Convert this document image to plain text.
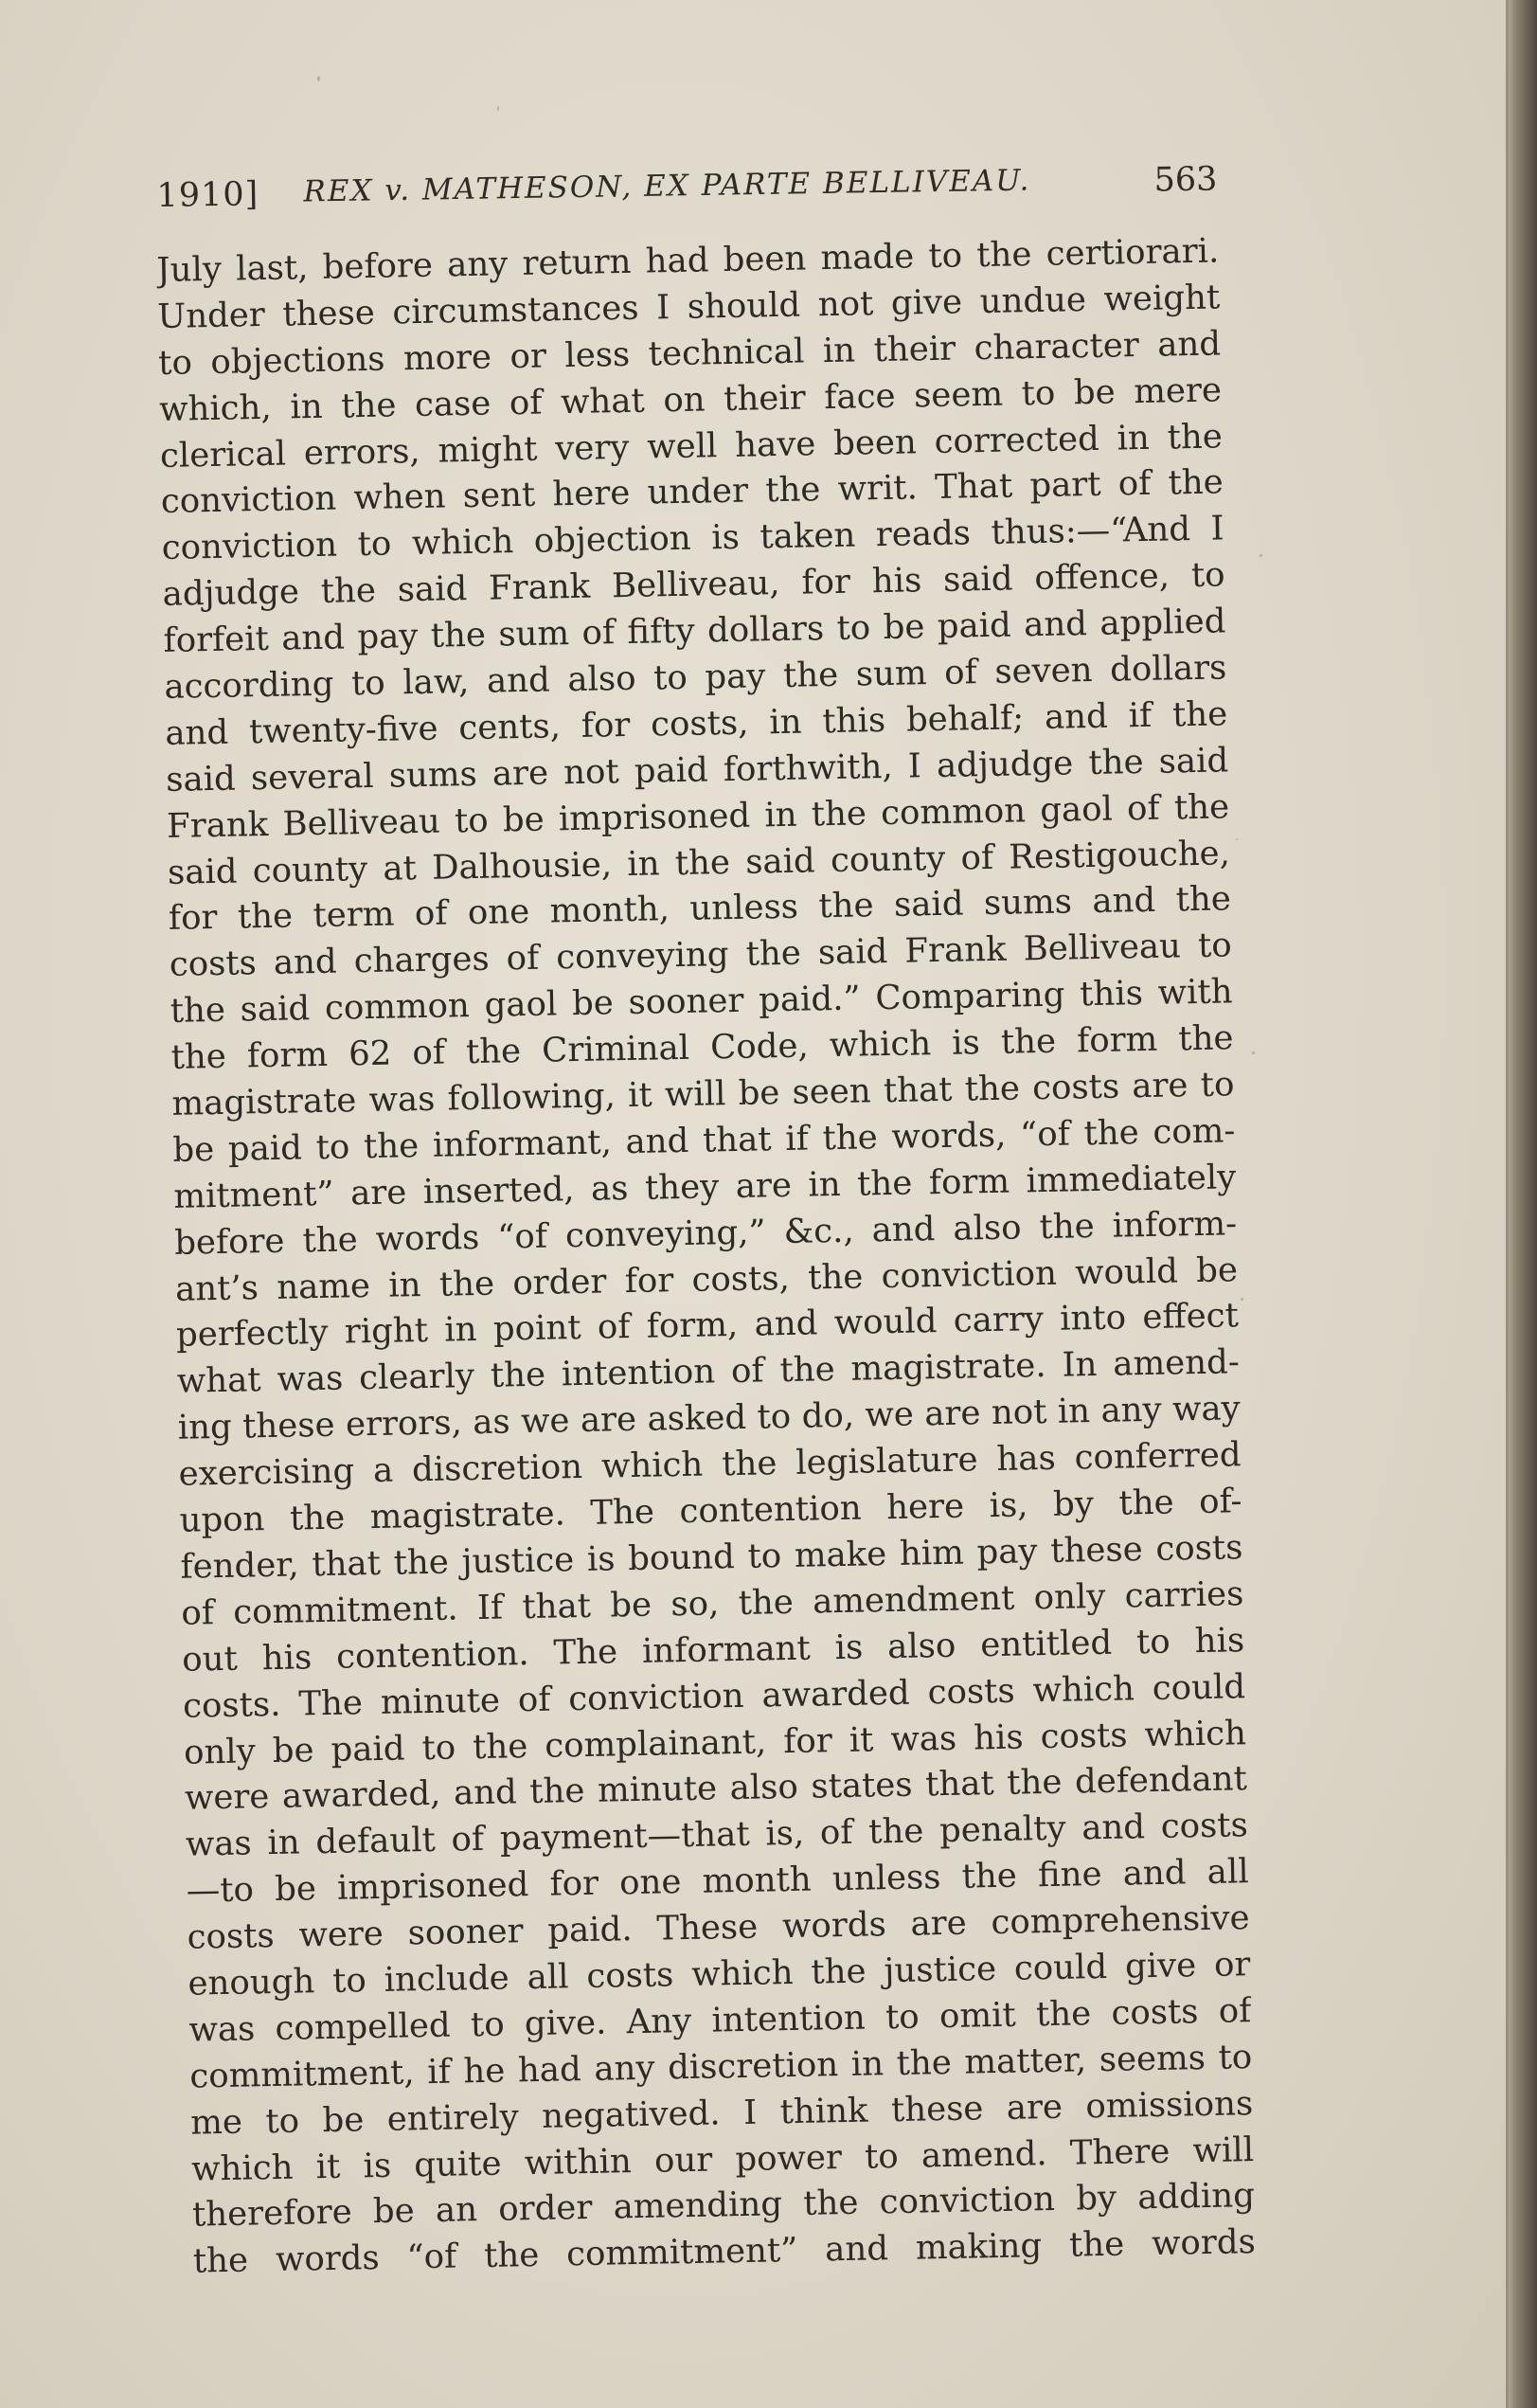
1910] REX v. MATHESON, EX PARTE BELLIVEAU.	563
July last, before any return had been made to the certiorari.
Under these circumstances I should not give undue weight
to objections more or less technical in their character and
which, in the case of what on their face seem to be mere
clerical errors, might very well have been corrected in the
conviction when sent here under the writ. That part of the
conviction to which objection is taken reads thus:—“And I
adjudge the said Frank Belliveau, for his said offence, to
forfeit and pay the sum of fifty dollars to be paid and applied
according to law, and also to pay the sum of seven dollars
and twenty-five cents, for costs, in this behalf; and if the
said several sums are not paid forthwith, I adjudge the said
Frank Belliveau to be imprisoned in the common gaol of the
said county at Dalhousie, in the said county of Restigouche,
for the term of one month, unless the said sums and the
costs and charges of conveying the said Frank Belliveau to
the said common gaol be sooner paid.” Comparing this with
the form 62 of the Criminal Code, which is the form the
magistrate was following, it will be seen that the costs are to
be paid to the informant, and that if the words, “of the com-
mitment” are inserted, as they are in the form immediately
before the words “of conveying,” &c., and also the inform-
ant’s name in the order for costs, the conviction would be
perfectly right in point of form, and would carry into effect
what was clearly the intention of the magistrate. In amend-
ing these errors, as we are asked to do, we are not in any way
exercising a discretion which the legislature has conferred
upon the magistrate. The contention here is, by the of-
fender, that the justice is bound to make him pay these costs
of commitment. If that be so, the amendment only carries
out his contention. The informant is also entitled to his
costs. The minute of conviction awarded costs which could
only be paid to the complainant, for it was his costs which
were awarded, and the minute also states that the defendant
was in default of payment—that is, of the penalty and costs
—to be imprisoned for one month unless the fine and all
costs were sooner paid. These words are comprehensive
enough to include all costs which the justice could give or
was compelled to give. Any intention to omit the costs of
commitment, if he had any discretion in the matter, seems to
me to be entirely negatived. I think these are omissions
which it is quite within our power to amend. There will
therefore be an order amending the conviction by adding
the words “of the commitment” and making the words
